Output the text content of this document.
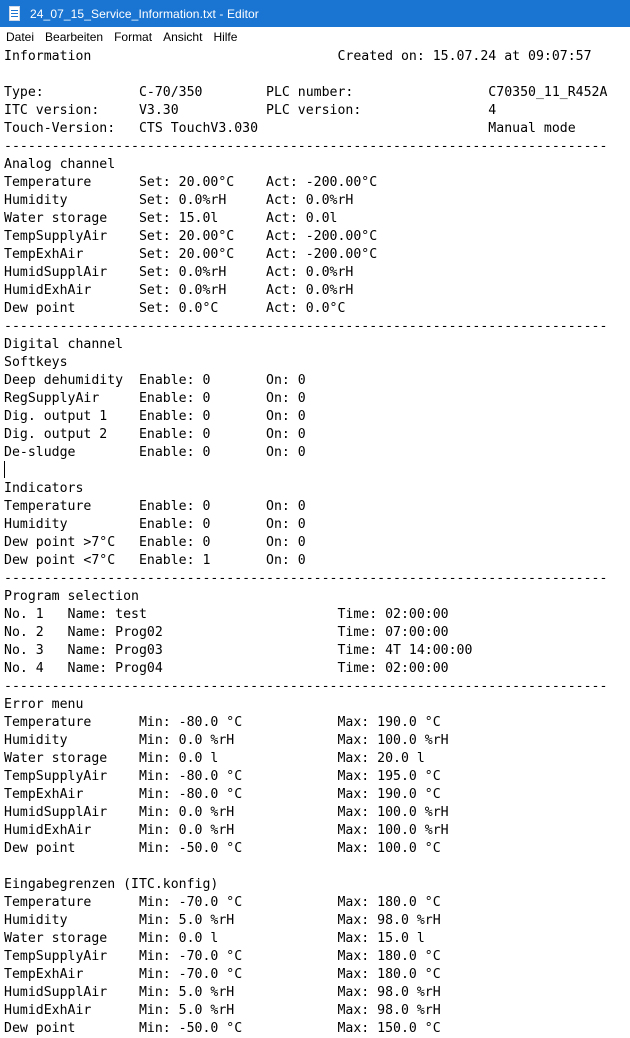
24_07_15_Service_Information.txt - Editor
Datei Bearbeiten Format Ansicht Hilfe
Information                               Created on: 15.07.24 at 09:07:57

Type:            C-70/350        PLC number:                 C70350_11_R452A
ITC version:     V3.30           PLC version:                4
Touch-Version:   CTS TouchV3.030                             Manual mode
----------------------------------------------------------------------------
Analog channel
Temperature      Set: 20.00°C    Act: -200.00°C
Humidity         Set: 0.0%rH     Act: 0.0%rH
Water storage    Set: 15.0l      Act: 0.0l
TempSupplyAir    Set: 20.00°C    Act: -200.00°C
TempExhAir       Set: 20.00°C    Act: -200.00°C
HumidSupplAir    Set: 0.0%rH     Act: 0.0%rH
HumidExhAir      Set: 0.0%rH     Act: 0.0%rH
Dew point        Set: 0.0°C      Act: 0.0°C
----------------------------------------------------------------------------
Digital channel
Softkeys
Deep dehumidity  Enable: 0       On: 0
RegSupplyAir     Enable: 0       On: 0
Dig. output 1    Enable: 0       On: 0
Dig. output 2    Enable: 0       On: 0
De-sludge        Enable: 0       On: 0

Indicators
Temperature      Enable: 0       On: 0
Humidity         Enable: 0       On: 0
Dew point >7°C   Enable: 0       On: 0
Dew point <7°C   Enable: 1       On: 0
----------------------------------------------------------------------------
Program selection
No. 1   Name: test                        Time: 02:00:00
No. 2   Name: Prog02                      Time: 07:00:00
No. 3   Name: Prog03                      Time: 4T 14:00:00
No. 4   Name: Prog04                      Time: 02:00:00
----------------------------------------------------------------------------
Error menu
Temperature      Min: -80.0 °C            Max: 190.0 °C
Humidity         Min: 0.0 %rH             Max: 100.0 %rH
Water storage    Min: 0.0 l               Max: 20.0 l
TempSupplyAir    Min: -80.0 °C            Max: 195.0 °C
TempExhAir       Min: -80.0 °C            Max: 190.0 °C
HumidSupplAir    Min: 0.0 %rH             Max: 100.0 %rH
HumidExhAir      Min: 0.0 %rH             Max: 100.0 %rH
Dew point        Min: -50.0 °C            Max: 100.0 °C

Eingabegrenzen (ITC.konfig)
Temperature      Min: -70.0 °C            Max: 180.0 °C
Humidity         Min: 5.0 %rH             Max: 98.0 %rH
Water storage    Min: 0.0 l               Max: 15.0 l
TempSupplyAir    Min: -70.0 °C            Max: 180.0 °C
TempExhAir       Min: -70.0 °C            Max: 180.0 °C
HumidSupplAir    Min: 5.0 %rH             Max: 98.0 %rH
HumidExhAir      Min: 5.0 %rH             Max: 98.0 %rH
Dew point        Min: -50.0 °C            Max: 150.0 °C
